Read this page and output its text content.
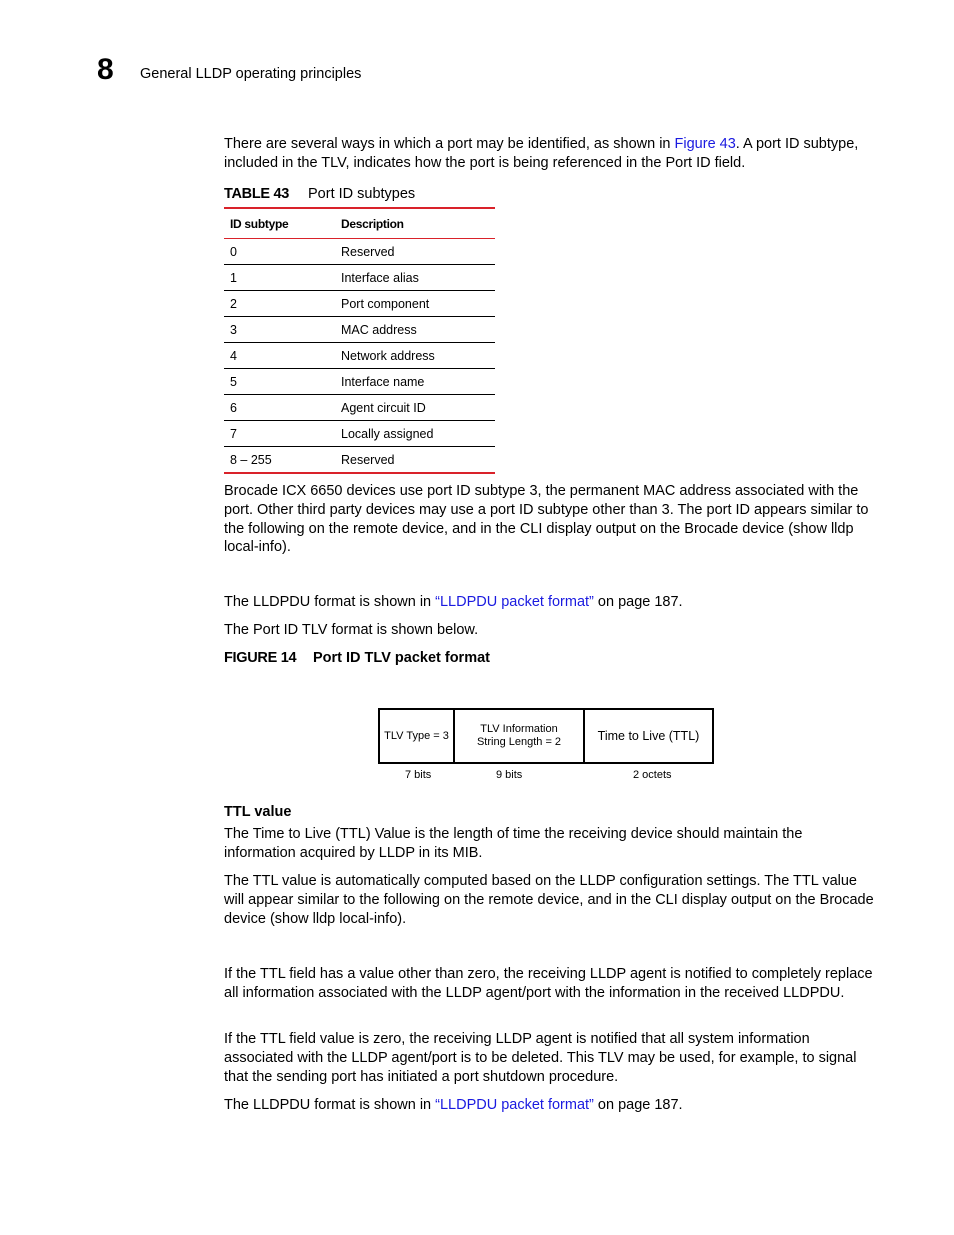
8 General LLDP operating principles

There are several ways in which a port may be identified, as shown in Figure 43. A port ID subtype, included in the TLV, indicates how the port is being referenced in the Port ID field.

TABLE 43 Port ID subtypes
ID subtype	Description
0	Reserved
1	Interface alias
2	Port component
3	MAC address
4	Network address
5	Interface name
6	Agent circuit ID
7	Locally assigned
8 – 255	Reserved

Brocade ICX 6650 devices use port ID subtype 3, the permanent MAC address associated with the port. Other third party devices may use a port ID subtype other than 3. The port ID appears similar to the following on the remote device, and in the CLI display output on the Brocade device (show lldp local-info).

The LLDPDU format is shown in “LLDPDU packet format” on page 187.

The Port ID TLV format is shown below.

FIGURE 14 Port ID TLV packet format
TLV Type = 3
TLV Information
String Length = 2	Time to Live (TTL)
7 bits	9 bits	2 octets
TTL value

The Time to Live (TTL) Value is the length of time the receiving device should maintain the information acquired by LLDP in its MIB.

The TTL value is automatically computed based on the LLDP configuration settings. The TTL value will appear similar to the following on the remote device, and in the CLI display output on the Brocade device (show lldp local-info).

If the TTL field has a value other than zero, the receiving LLDP agent is notified to completely replace all information associated with the LLDP agent/port with the information in the received LLDPDU.

If the TTL field value is zero, the receiving LLDP agent is notified that all system information associated with the LLDP agent/port is to be deleted. This TLV may be used, for example, to signal that the sending port has initiated a port shutdown procedure.

The LLDPDU format is shown in “LLDPDU packet format” on page 187.
